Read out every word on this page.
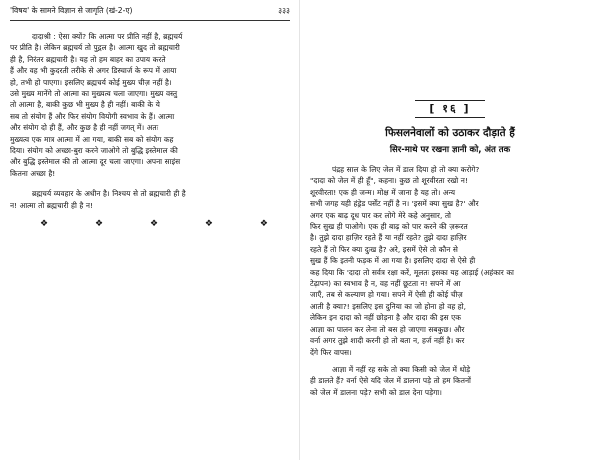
'विषय' के सामने विज्ञान से जागृति (खं-2-ए)	३३३

दादाश्री : ऐसा क्यों? कि आत्मा पर प्रीति नहीं है, ब्रह्मचर्य

पर प्रीति है। लेकिन ब्रह्मचर्य तो पुद्गल है। आत्मा खुद तो ब्रह्मचारी

ही है, निरंतर ब्रह्मचारी है। यह तो हम बाहर का उपाय करते

हैं और वह भी कुदरती तरीके से अगर डिस्चार्ज के रूप में आया

हो, तभी हो पाएगा। इसलिए ब्रह्मचर्य कोई मुख्य चीज़ नहीं है।

उसे मुख्य मानेंगे तो आत्मा का मुख्यत्व चला जाएगा। मुख्य वस्तु

तो आत्मा है, बाकी कुछ भी मुख्य है ही नहीं। बाकी के ये

सब तो संयोग हैं और फिर संयोग वियोगी स्वभाव के हैं। आत्मा

और संयोग दो ही हैं, और कुछ है ही नहीं जगत् में। अतः

मुख्यत्व एक मात्र आत्मा में आ गया, बाकी सब को संयोग कह

दिया। संयोग को अच्छा-बुरा करने जाओगे तो बुद्धि इस्तेमाल की

और बुद्धि इस्तेमाल की तो आत्मा दूर चला जाएगा। अपना साइंस

कितना अच्छा है!

ब्रह्मचर्य व्यवहार के अधीन है। निश्चय से तो ब्रह्मचारी ही है

न! आत्मा तो ब्रह्मचारी ही है न!

❖	❖	❖	❖	❖
[ १६ ]
फिसलनेवालों को उठाकर दौड़ाते हैं
सिर-माथे पर रखना ज्ञानी को, अंत तक

पंद्रह साल के लिए जेल में डाल दिया हो तो क्या करोगे?

"दादा को जेल में ही हूँ", कहना। कुछ तो शूरवीरता रखो न!

शूरवीरता! एक ही जन्म। मोक्ष में जाना है यह तो। अन्य

सभी जगह यही हंड्रेड पर्सेंट नहीं है न। 'इसमें क्या सुख है?' और

अगर एक बाढ़ दूध पार कर लोगे मेरे कहे अनुसार, तो

फिर सुख ही पाओगे। एक ही बाढ़ को पार करने की ज़रूरत

है। तुझे दादा हाज़िर रहते हैं या नहीं रहते? तुझे दादा हाज़िर

रहते हैं तो फिर क्या दुःख है? अरे, इसमें ऐसे तो कौन से

सुख हैं कि इतनी फड़क में आ गया है। इसलिए दादा से ऐसे ही

कह दिया कि 'दादा तो सर्वत्र रक्षा करें, मूलतः इसका यह आड़ाई (अहंकार का

टेढ़ापन) का स्वभाव है न, वह नहीं छूटता न! सपने में आ

जाएँ, तब से कल्याण हो गया। सपने में ऐसी ही कोई चीज़

आती है क्या?! इसलिए इस दुनिया का जो होना हो वह हो,

लेकिन इन दादा को नहीं छोड़ना है और दादा की इस एक

आज्ञा का पालन कर लेना तो बस हो जाएगा सबकुछ। और

वर्ना अगर तुझे शादी करनी हो तो बता न, हर्ज नहीं है। कर

देंगे फिर वापस।

आज्ञा में नहीं रह सके तो क्या किसी को जेल में थोड़े

ही डालते हैं? वर्ना ऐसे यदि जेल में डालना पड़े तो हम कितनों

को जेल में डालना पड़े? सभी को डाल देना पड़ेगा।
